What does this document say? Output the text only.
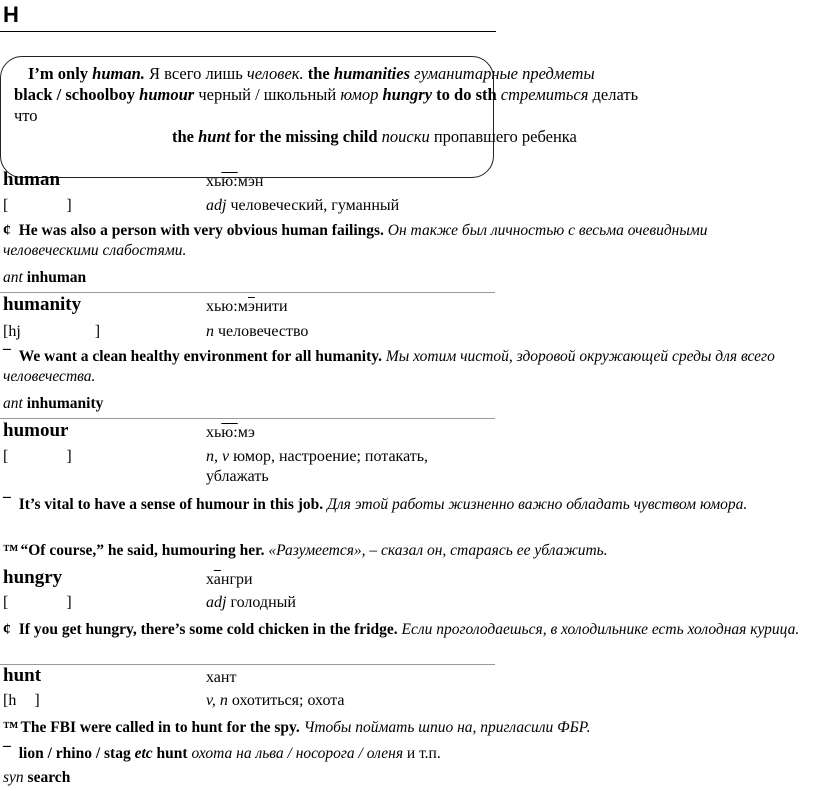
H
I’m only human. Я всего лишь человек. the humanities гуманитарные предметы
black / schoolboy humour черный / школьный юмор hungry to do sth стремиться делать
что
the hunt for the missing child поиски пропавшего ребенка
human	хью:мэн
[	]	adj человеческий, гуманный
¢ He was also a person with very obvious human failings. Он также был личностью с весьма очевидными человеческими слабостями.
ant inhuman
humanity	хью:мэнити
[hj	]	n человечество
¯ We want a clean healthy environment for all humanity. Мы хотим чистой, здоровой окружающей среды для всего человечества.
ant inhumanity
humour	хью:мэ
[	]	n, v юмор, настроение; потакать,
ублажать
¯ It’s vital to have a sense of humour in this job. Для этой работы жизненно важно обладать чувством юмора.
™ “Of course,” he said, humouring her. «Разумеется», – сказал он, стараясь ее ублажить.
hungry	хангри
[	]	adj голодный
¢ If you get hungry, there’s some cold chicken in the fridge. Если проголодаешься, в холодильнике есть холодная курица.
hunt	хант
[h ]	v, n охотиться; охота
™ The FBI were called in to hunt for the spy. Чтобы поймать шпио на, пригласили ФБР.
¯ lion / rhino / stag etc hunt охота на льва / носорога / оленя и т.п.
syn search
